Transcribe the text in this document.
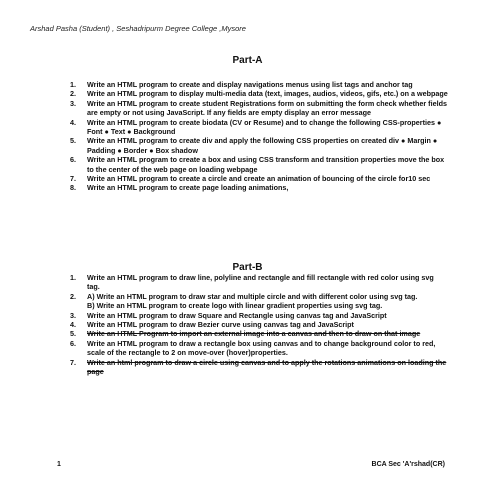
Arshad Pasha (Student) , Seshadripurm Degree College ,Mysore
Part-A
1. Write an HTML program to create and display navigations menus using list tags and anchor tag
2. Write an HTML program to display multi-media data (text, images, audios, videos, gifs, etc.) on a webpage
3. Write an HTML program to create student Registrations form on submitting the form check whether fields are empty or not using JavaScript. If any fields are empty display an error message
4. Write an HTML program to create biodata (CV or Resume) and to change the following CSS-properties ● Font ● Text ● Background
5. Write an HTML program to create div and apply the following CSS properties on created div ● Margin ● Padding ● Border ● Box shadow
6. Write an HTML program to create a box and using CSS transform and transition properties move the box to the center of the web page on loading webpage
7. Write an HTML program to create a circle and create an animation of bouncing of the circle for10 sec
8. Write an HTML program to create page loading animations,
Part-B
1. Write an HTML program to draw line, polyline and rectangle and fill rectangle with red color using svg tag.
2. A) Write an HTML program to draw star and multiple circle and with different color using svg tag.
B) Write an HTML program to create logo with linear gradient properties using svg tag.
3. Write an HTML program to draw Square and Rectangle using canvas tag and JavaScript
4. Write an HTML program to draw Bezier curve using canvas tag and JavaScript
5. Write an HTML Program to import an external image into a canvas and then to draw on that image
6. Write an HTML program to draw a rectangle box using canvas and to change background color to red, scale of the rectangle to 2 on move-over (hover)properties.
7. Write an html program to draw a circle using canvas and to apply the rotations animations on loading the page
1	BCA Sec 'A'rshad(CR)
